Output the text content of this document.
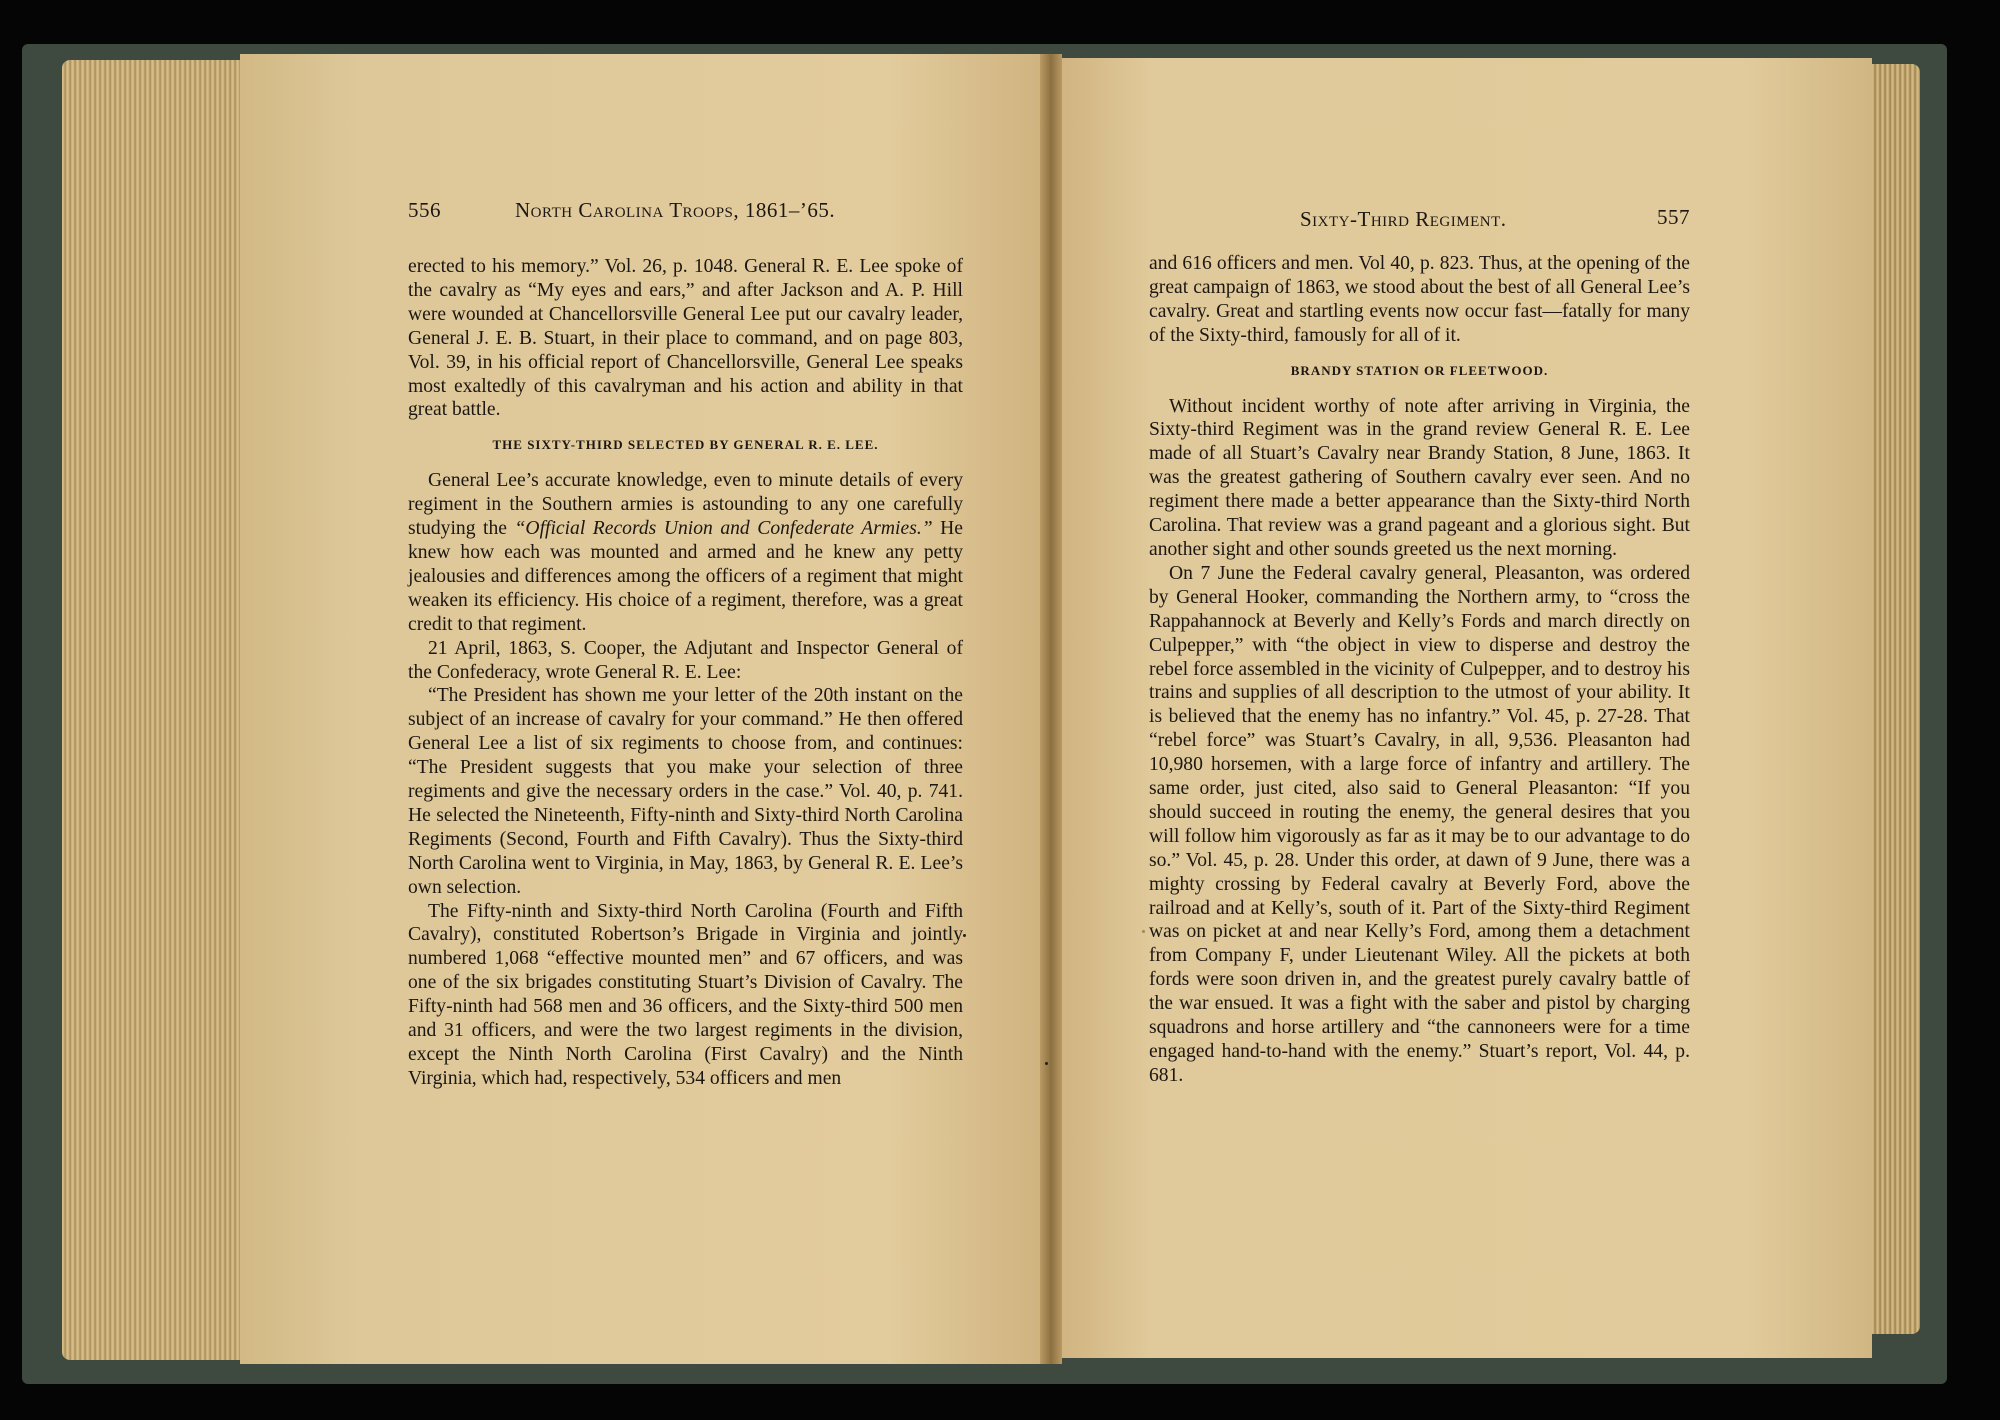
556	North Carolina Troops, 1861–’65.

erected to his memory.” Vol. 26, p. 1048. General R. E. Lee spoke of the cavalry as “My eyes and ears,” and after Jackson and A. P. Hill were wounded at Chancellorsville General Lee put our cavalry leader, General J. E. B. Stuart, in their place to command, and on page 803, Vol. 39, in his official report of Chancellorsville, General Lee speaks most exaltedly of this cavalryman and his action and ability in that great battle.

THE SIXTY-THIRD SELECTED BY GENERAL R. E. LEE.

General Lee’s accurate knowledge, even to minute details of every regiment in the Southern armies is astounding to any one carefully studying the “Official Records Union and Confederate Armies.” He knew how each was mounted and armed and he knew any petty jealousies and differences among the officers of a regiment that might weaken its efficiency. His choice of a regiment, therefore, was a great credit to that regiment.

21 April, 1863, S. Cooper, the Adjutant and Inspector General of the Confederacy, wrote General R. E. Lee:

“The President has shown me your letter of the 20th instant on the subject of an increase of cavalry for your command.” He then offered General Lee a list of six regiments to choose from, and continues: “The President suggests that you make your selection of three regiments and give the necessary orders in the case.” Vol. 40, p. 741. He selected the Nineteenth, Fifty-ninth and Sixty-third North Carolina Regiments (Second, Fourth and Fifth Cavalry). Thus the Sixty-third North Carolina went to Virginia, in May, 1863, by General R. E. Lee’s own selection.

The Fifty-ninth and Sixty-third North Carolina (Fourth and Fifth Cavalry), constituted Robertson’s Brigade in Virginia and jointly numbered 1,068 “effective mounted men” and 67 officers, and was one of the six brigades constituting Stuart’s Division of Cavalry. The Fifty-ninth had 568 men and 36 officers, and the Sixty-third 500 men and 31 officers, and were the two largest regiments in the division, except the Ninth North Carolina (First Cavalry) and the Ninth Virginia, which had, respectively, 534 officers and men

Sixty-Third Regiment.	557

and 616 officers and men. Vol 40, p. 823. Thus, at the opening of the great campaign of 1863, we stood about the best of all General Lee’s cavalry. Great and startling events now occur fast—fatally for many of the Sixty-third, famously for all of it.

BRANDY STATION OR FLEETWOOD.

Without incident worthy of note after arriving in Virginia, the Sixty-third Regiment was in the grand review General R. E. Lee made of all Stuart’s Cavalry near Brandy Station, 8 June, 1863. It was the greatest gathering of Southern cavalry ever seen. And no regiment there made a better appearance than the Sixty-third North Carolina. That review was a grand pageant and a glorious sight. But another sight and other sounds greeted us the next morning.

On 7 June the Federal cavalry general, Pleasanton, was ordered by General Hooker, commanding the Northern army, to “cross the Rappahannock at Beverly and Kelly’s Fords and march directly on Culpepper,” with “the object in view to disperse and destroy the rebel force assembled in the vicinity of Culpepper, and to destroy his trains and supplies of all description to the utmost of your ability. It is believed that the enemy has no infantry.” Vol. 45, p. 27-28. That “rebel force” was Stuart’s Cavalry, in all, 9,536. Pleasanton had 10,980 horsemen, with a large force of infantry and artillery. The same order, just cited, also said to General Pleasanton: “If you should succeed in routing the enemy, the general desires that you will follow him vigorously as far as it may be to our advantage to do so.” Vol. 45, p. 28. Under this order, at dawn of 9 June, there was a mighty crossing by Federal cavalry at Beverly Ford, above the railroad and at Kelly’s, south of it. Part of the Sixty-third Regiment was on picket at and near Kelly’s Ford, among them a detachment from Company F, under Lieutenant Wiley. All the pickets at both fords were soon driven in, and the greatest purely cavalry battle of the war ensued. It was a fight with the saber and pistol by charging squadrons and horse artillery and “the cannoneers were for a time engaged hand-to-hand with the enemy.” Stuart’s report, Vol. 44, p. 681.
